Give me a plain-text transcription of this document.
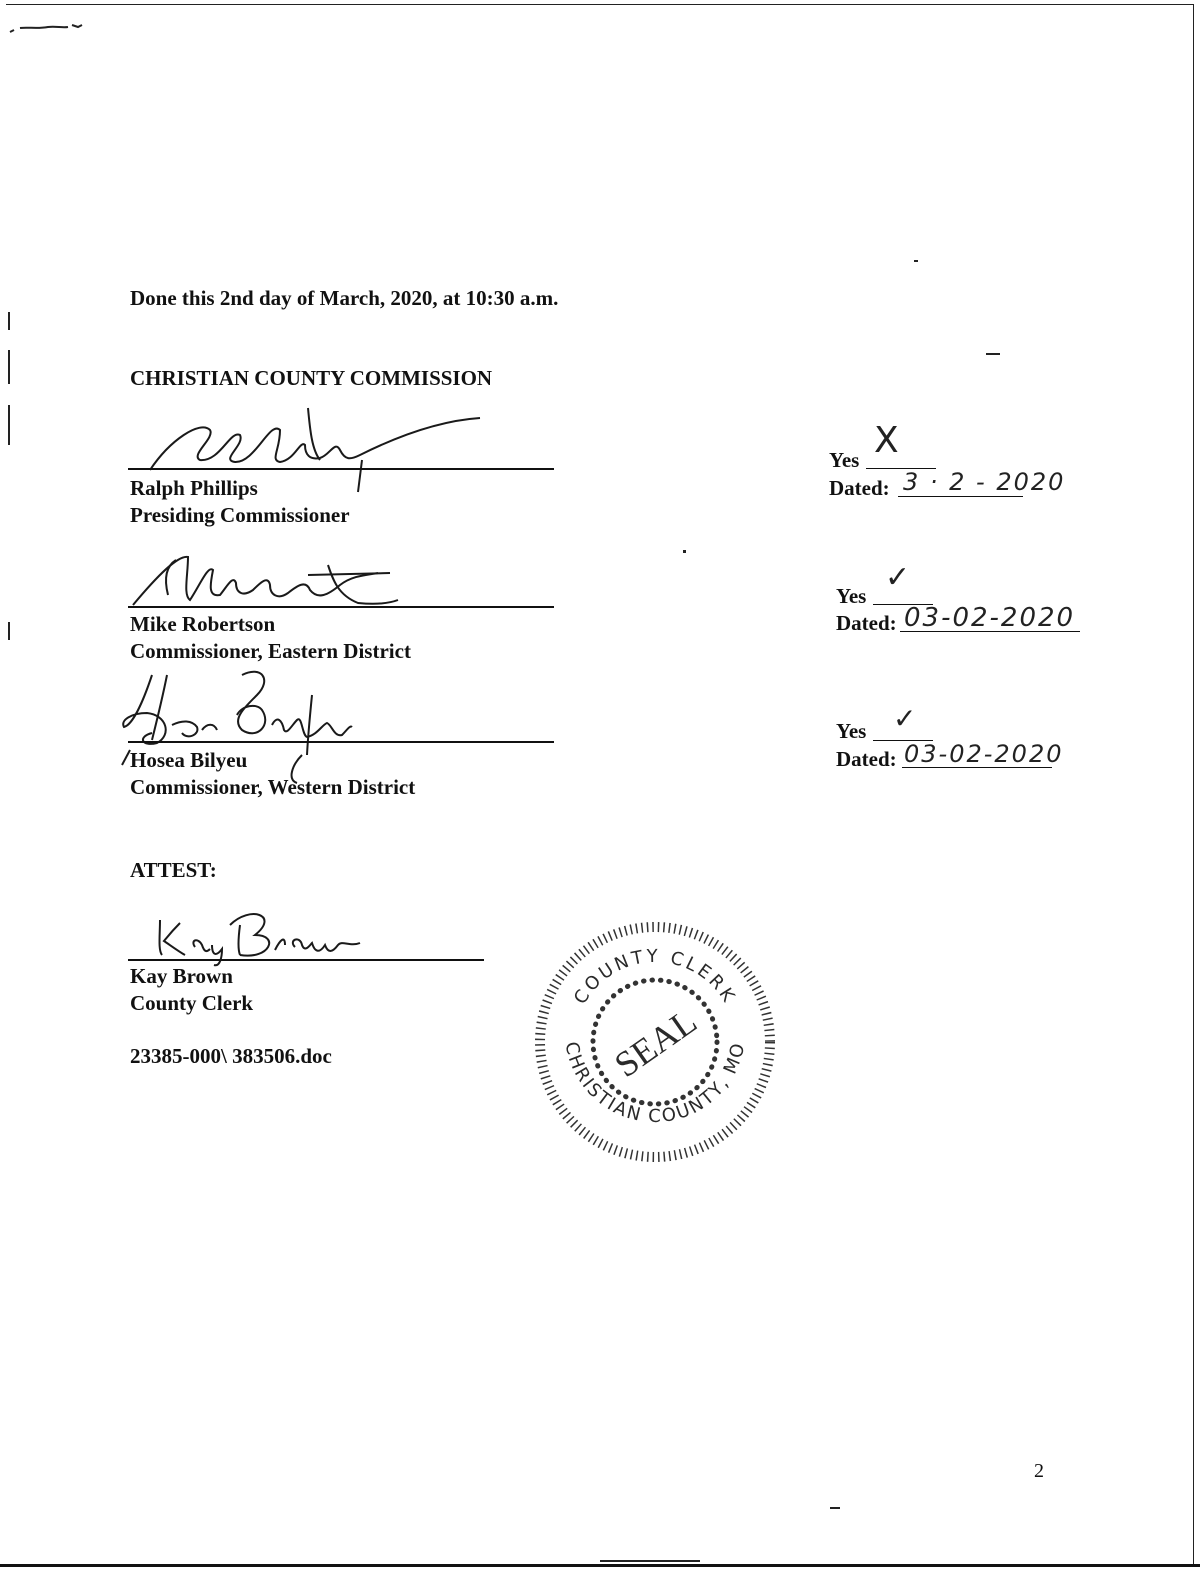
Done this 2nd day of March, 2020, at 10:30 a.m.
CHRISTIAN COUNTY COMMISSION
Ralph Phillips
Presiding Commissioner
Yes X
Dated: 3 · 2 - 2020
Mike Robertson
Commissioner, Eastern District
Yes
✓
Dated: 03-02-2020
Hosea Bilyeu
Commissioner, Western District
Yes ✓
Dated: 03-02-2020
ATTEST:
Kay Brown
County Clerk
23385-000\ 383506.doc
COUNTY CLERK
CHRISTIAN COUNTY, MO
SEAL
2
